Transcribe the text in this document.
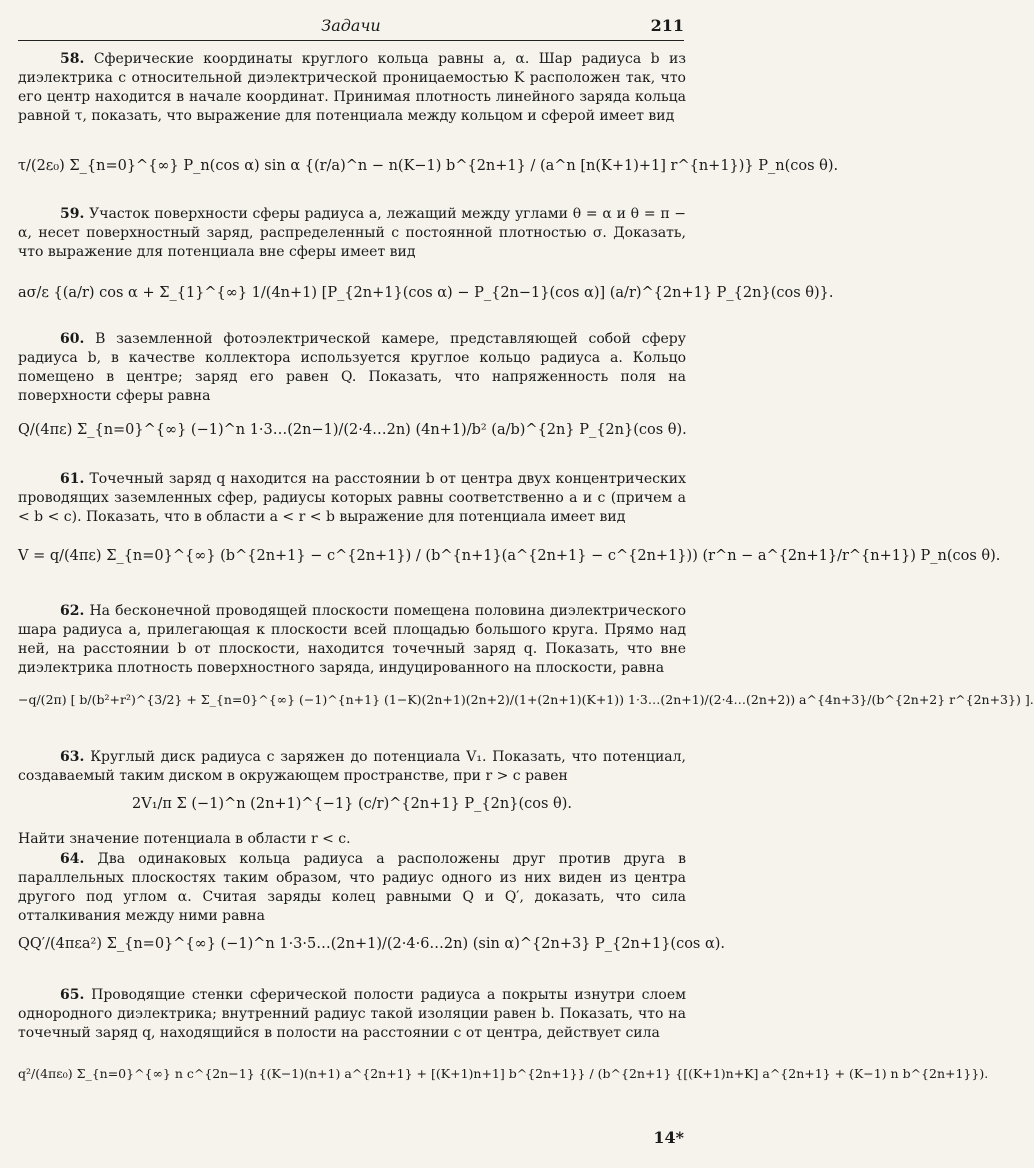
Задачи	211

58. Сферические координаты круглого кольца равны a, α. Шар радиуса b из диэлектрика с относительной диэлектрической проницаемостью K расположен так, что его центр находится в начале координат. Принимая плотность линейного заряда кольца равной τ, показать, что выражение для потенциала между кольцом и сферой имеет вид

τ/(2ε₀) Σ_{n=0}^{∞} P_n(cos α) sin α {(r/a)^n − n(K−1) b^{2n+1} / (a^n [n(K+1)+1] r^{n+1})} P_n(cos θ).

59. Участок поверхности сферы радиуса a, лежащий между углами θ = α и θ = π − α, несет поверхностный заряд, распределенный с постоянной плотностью σ. Доказать, что выражение для потенциала вне сферы имеет вид

aσ/ε {(a/r) cos α + Σ_{1}^{∞} 1/(4n+1) [P_{2n+1}(cos α) − P_{2n−1}(cos α)] (a/r)^{2n+1} P_{2n}(cos θ)}.

60. В заземленной фотоэлектрической камере, представляющей собой сферу радиуса b, в качестве коллектора используется круглое кольцо радиуса a. Кольцо помещено в центре; заряд его равен Q. Показать, что напряженность поля на поверхности сферы равна

Q/(4πε) Σ_{n=0}^{∞} (−1)^n 1·3…(2n−1)/(2·4…2n) (4n+1)/b² (a/b)^{2n} P_{2n}(cos θ).

61. Точечный заряд q находится на расстоянии b от центра двух концентрических проводящих заземленных сфер, радиусы которых равны соответственно a и c (причем a < b < c). Показать, что в области a < r < b выражение для потенциала имеет вид

V = q/(4πε) Σ_{n=0}^{∞} (b^{2n+1} − c^{2n+1}) / (b^{n+1}(a^{2n+1} − c^{2n+1})) (r^n − a^{2n+1}/r^{n+1}) P_n(cos θ).

62. На бесконечной проводящей плоскости помещена половина диэлектрического шара радиуса a, прилегающая к плоскости всей площадью большого круга. Прямо над ней, на расстоянии b от плоскости, находится точечный заряд q. Показать, что вне диэлектрика плотность поверхностного заряда, индуцированного на плоскости, равна

−q/(2π) [ b/(b²+r²)^{3/2} + Σ_{n=0}^{∞} (−1)^{n+1} (1−K)(2n+1)(2n+2)/(1+(2n+1)(K+1)) 1·3…(2n+1)/(2·4…(2n+2)) a^{4n+3}/(b^{2n+2} r^{2n+3}) ].

63. Круглый диск радиуса c заряжен до потенциала V₁. Показать, что потенциал, создаваемый таким диском в окружающем пространстве, при r > c равен

2V₁/π Σ (−1)^n (2n+1)^{−1} (c/r)^{2n+1} P_{2n}(cos θ).

Найти значение потенциала в области r < c.

64. Два одинаковых кольца радиуса a расположены друг против друга в параллельных плоскостях таким образом, что радиус одного из них виден из центра другого под углом α. Считая заряды колец равными Q и Q′, доказать, что сила отталкивания между ними равна

QQ′/(4πεa²) Σ_{n=0}^{∞} (−1)^n 1·3·5…(2n+1)/(2·4·6…2n) (sin α)^{2n+3} P_{2n+1}(cos α).

65. Проводящие стенки сферической полости радиуса a покрыты изнутри слоем однородного диэлектрика; внутренний радиус такой изоляции равен b. Показать, что на точечный заряд q, находящийся в полости на расстоянии c от центра, действует сила

q²/(4πε₀) Σ_{n=0}^{∞} n c^{2n−1} {(K−1)(n+1) a^{2n+1} + [(K+1)n+1] b^{2n+1}} / (b^{2n+1} {[(K+1)n+K] a^{2n+1} + (K−1) n b^{2n+1}}).
14*
